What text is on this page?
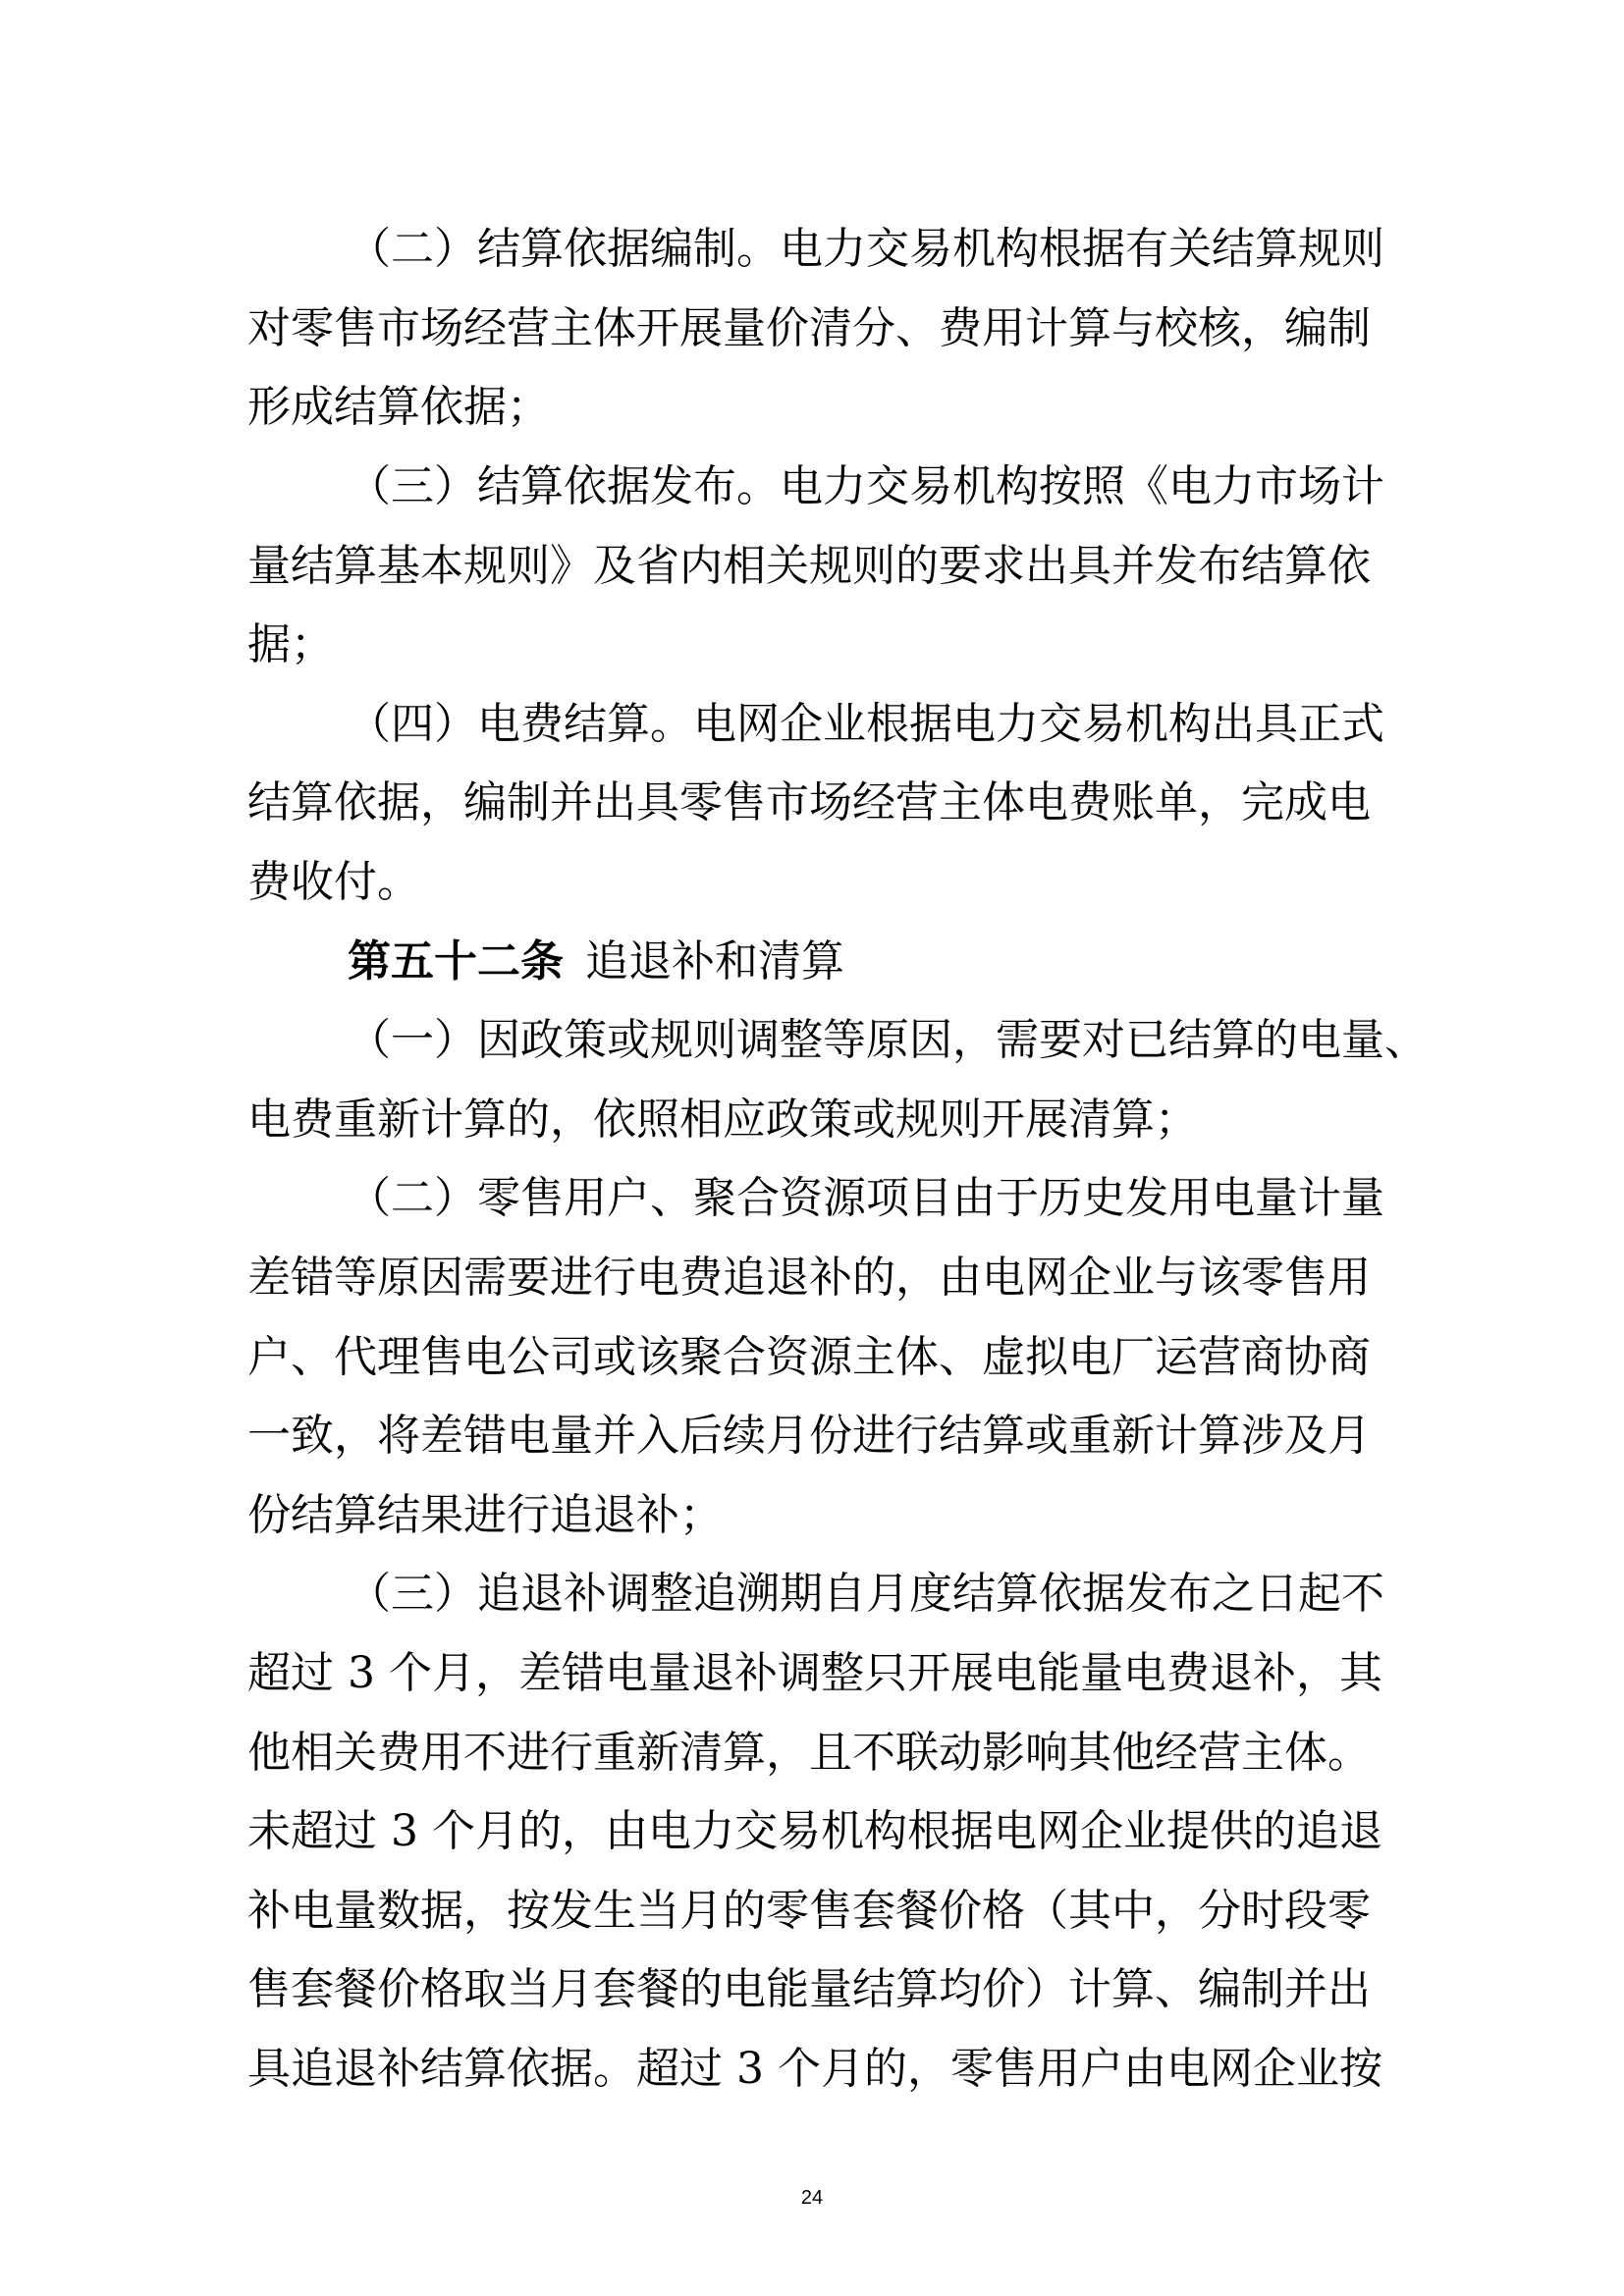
（二）结算依据编制。电力交易机构根据有关结算规则
对零售市场经营主体开展量价清分、费用计算与校核，编制
形成结算依据；
（三）结算依据发布。电力交易机构按照《电力市场计
量结算基本规则》及省内相关规则的要求出具并发布结算依
据；
（四）电费结算。电网企业根据电力交易机构出具正式
结算依据，编制并出具零售市场经营主体电费账单，完成电
费收付。
第五十二条 追退补和清算
（一）因政策或规则调整等原因，需要对已结算的电量、
电费重新计算的，依照相应政策或规则开展清算；
（二）零售用户、聚合资源项目由于历史发用电量计量
差错等原因需要进行电费追退补的，由电网企业与该零售用
户、代理售电公司或该聚合资源主体、虚拟电厂运营商协商
一致，将差错电量并入后续月份进行结算或重新计算涉及月
份结算结果进行追退补；
（三）追退补调整追溯期自月度结算依据发布之日起不
超过 3 个月，差错电量退补调整只开展电能量电费退补，其
他相关费用不进行重新清算，且不联动影响其他经营主体。
未超过 3 个月的，由电力交易机构根据电网企业提供的追退
补电量数据，按发生当月的零售套餐价格（其中，分时段零
售套餐价格取当月套餐的电能量结算均价）计算、编制并出
具追退补结算依据。超过 3 个月的，零售用户由电网企业按
24
